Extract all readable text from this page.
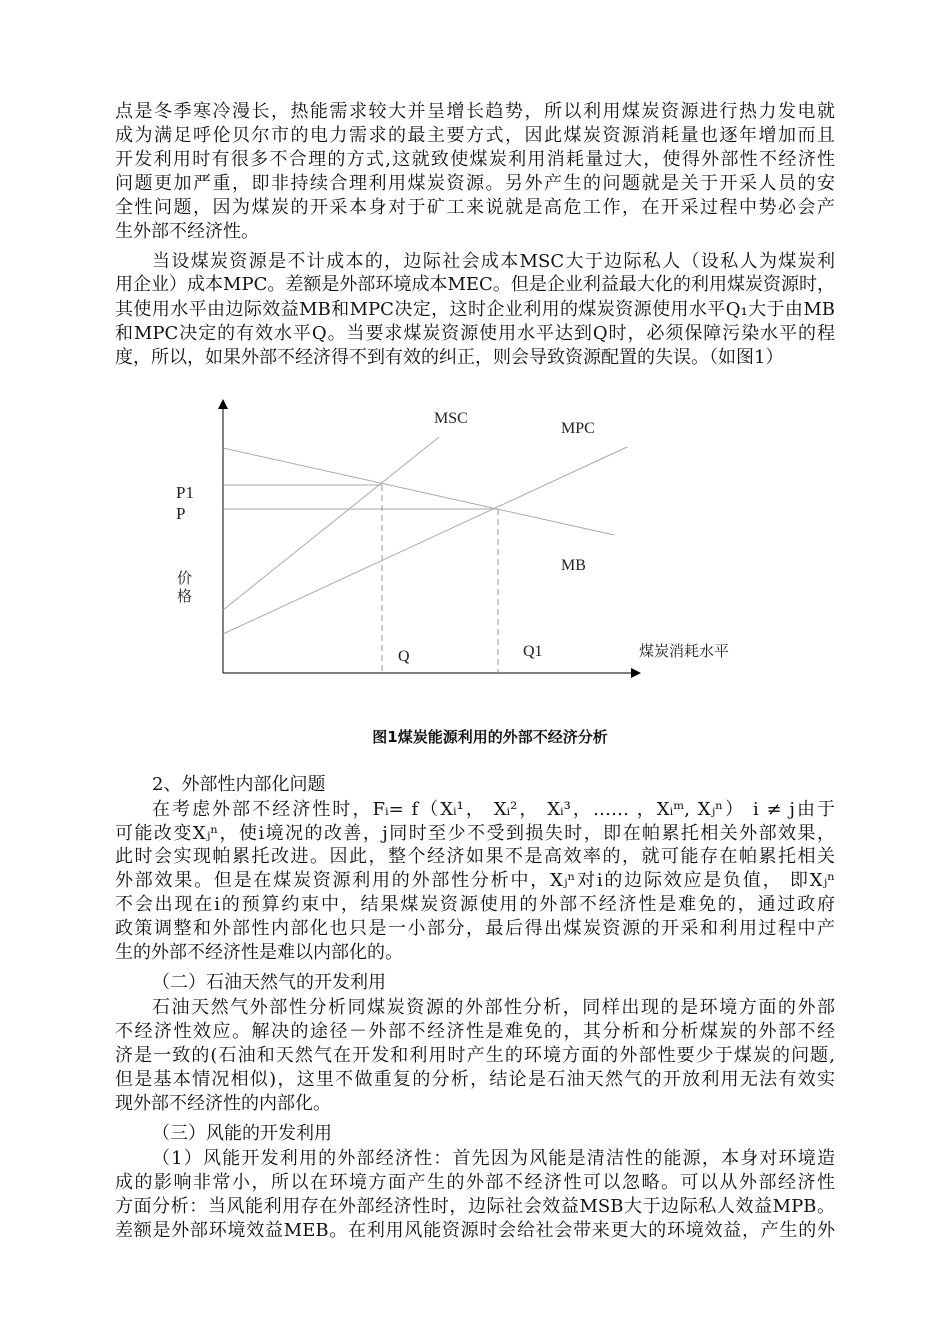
点是冬季寒冷漫长，热能需求较大并呈增长趋势，所以利用煤炭资源进行热力发电就
成为满足呼伦贝尔市的电力需求的最主要方式，因此煤炭资源消耗量也逐年增加而且
开发利用时有很多不合理的方式,这就致使煤炭利用消耗量过大，使得外部性不经济性
问题更加严重，即非持续合理利用煤炭资源。另外产生的问题就是关于开采人员的安
全性问题，因为煤炭的开采本身对于矿工来说就是高危工作，在开采过程中势必会产
生外部不经济性。
当设煤炭资源是不计成本的，边际社会成本MSC大于边际私人（设私人为煤炭利
用企业）成本MPC。差额是外部环境成本MEC。但是企业利益最大化的利用煤炭资源时，
其使用水平由边际效益MB和MPC决定，这时企业利用的煤炭资源使用水平Q₁大于由MB
和MPC决定的有效水平Q。当要求煤炭资源使用水平达到Q时，必须保障污染水平的程
度，所以，如果外部不经济得不到有效的纠正，则会导致资源配置的失误。（如图1）
MSC
MPC
MB
P1
P
价
格
Q	Q1	煤炭消耗水平
图1煤炭能源利用的外部不经济分析
2、外部性内部化问题
在考虑外部不经济性时，Fᵢ= f（Xᵢ¹， Xᵢ²， Xᵢ³，…… ，Xᵢᵐ, Xⱼⁿ） i ≠ j由于
可能改变Xⱼⁿ，使i境况的改善，j同时至少不受到损失时，即在帕累托相关外部效果，
此时会实现帕累托改进。因此，整个经济如果不是高效率的，就可能存在帕累托相关
外部效果。但是在煤炭资源利用的外部性分析中，Xⱼⁿ对i的边际效应是负值， 即Xⱼⁿ
不会出现在i的预算约束中，结果煤炭资源使用的外部不经济性是难免的，通过政府
政策调整和外部性内部化也只是一小部分，最后得出煤炭资源的开采和利用过程中产
生的外部不经济性是难以内部化的。
（二）石油天然气的开发利用
石油天然气外部性分析同煤炭资源的外部性分析，同样出现的是环境方面的外部
不经济性效应。解决的途径－外部不经济性是难免的，其分析和分析煤炭的外部不经
济是一致的(石油和天然气在开发和利用时产生的环境方面的外部性要少于煤炭的问题,
但是基本情况相似)，这里不做重复的分析，结论是石油天然气的开放利用无法有效实
现外部不经济性的内部化。
（三）风能的开发利用
（1）风能开发利用的外部经济性：首先因为风能是清洁性的能源，本身对环境造
成的影响非常小，所以在环境方面产生的外部不经济性可以忽略。可以从外部经济性
方面分析：当风能利用存在外部经济性时，边际社会效益MSB大于边际私人效益MPB。
差额是外部环境效益MEB。在利用风能资源时会给社会带来更大的环境效益，产生的外
